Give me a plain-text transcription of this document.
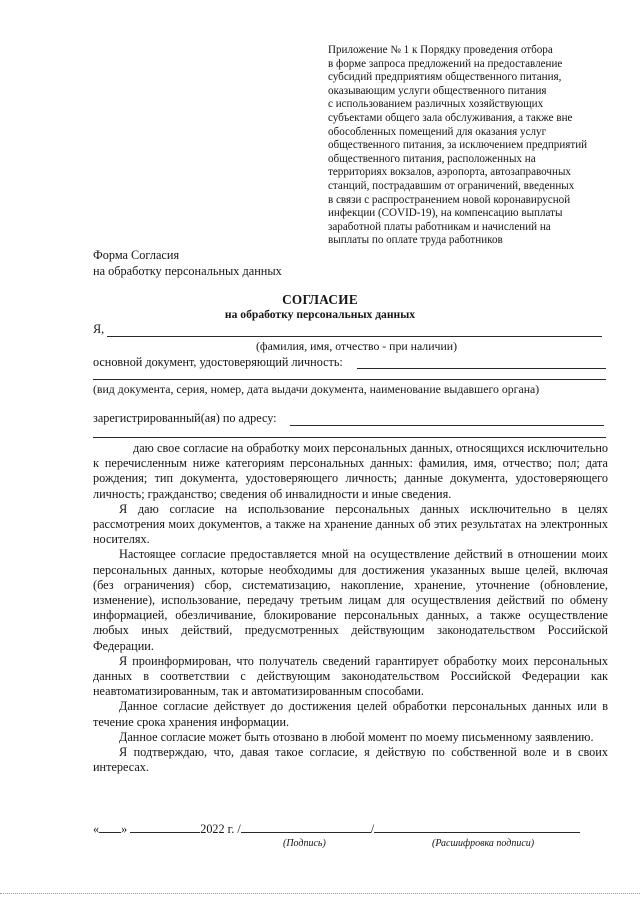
Приложение № 1 к Порядку проведения отбора
в форме запроса предложений на предоставление
субсидий предприятиям общественного питания,
оказывающим услуги общественного питания
с использованием различных хозяйствующих
субъектами общего зала обслуживания, а также вне
обособленных помещений для оказания услуг
общественного питания, за исключением предприятий
общественного питания, расположенных на
территориях вокзалов, аэропорта, автозаправочных
станций, пострадавшим от ограничений, введенных
в связи с распространением новой коронавирусной
инфекции (COVID-19), на компенсацию выплаты
заработной платы работникам и начислений на
выплаты по оплате труда работников
Форма Согласия
на обработку персональных данных
СОГЛАСИЕ
на обработку персональных данных
Я,
(фамилия, имя, отчество - при наличии)
основной документ, удостоверяющий личность:
(вид документа, серия, номер, дата выдачи документа, наименование выдавшего органа)
зарегистрированный(ая) по адресу:

даю свое согласие на обработку моих персональных данных, относящихся исключительно к перечисленным ниже категориям персональных данных: фамилия, имя, отчество; пол; дата рождения; тип документа, удостоверяющего личность; данные документа, удостоверяющего личность; гражданство; сведения об инвалидности и иные сведения.

Я даю согласие на использование персональных данных исключительно в целях рассмотрения моих документов, а также на хранение данных об этих результатах на электронных носителях.

Настоящее согласие предоставляется мной на осуществление действий в отношении моих персональных данных, которые необходимы для достижения указанных выше целей, включая (без ограничения) сбор, систематизацию, накопление, хранение, уточнение (обновление, изменение), использование, передачу третьим лицам для осуществления действий по обмену информацией, обезличивание, блокирование персональных данных, а также осуществление любых иных действий, предусмотренных действующим законодательством Российской Федерации.

Я проинформирован, что получатель сведений гарантирует обработку моих персональных данных в соответствии с действующим законодательством Российской Федерации как неавтоматизированным, так и автоматизированным способами.

Данное согласие действует до достижения целей обработки персональных данных или в течение срока хранения информации.

Данное согласие может быть отозвано в любой момент по моему письменному заявлению.

Я подтверждаю, что, давая такое согласие, я действую по собственной воле и в своих интересах.

« »	2022 г. /	/
(Подпись)	(Расшифровка подписи)
